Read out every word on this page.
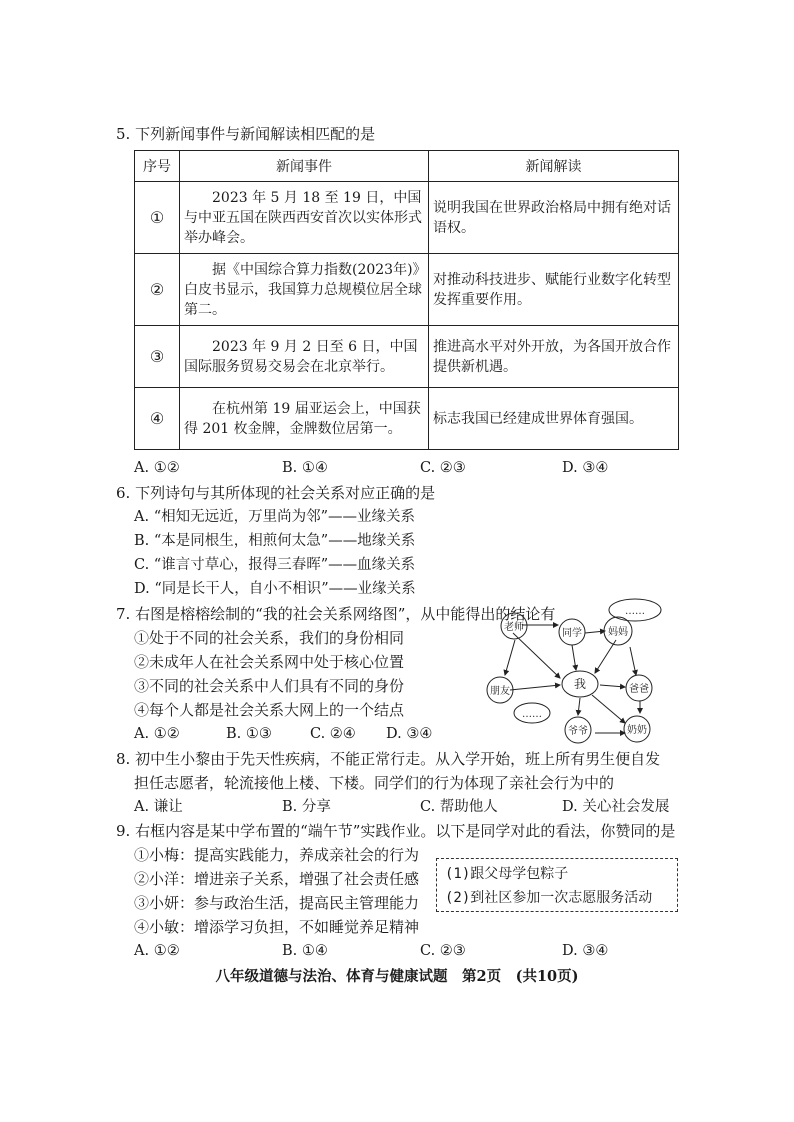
5. 下列新闻事件与新闻解读相匹配的是
序号	新闻事件	新闻解读
①	2023 年 5 月 18 至 19 日，中国与中亚五国在陕西西安首次以实体形式举办峰会。	说明我国在世界政治格局中拥有绝对话语权。
②	据《中国综合算力指数(2023年)》白皮书显示，我国算力总规模位居全球第二。	对推动科技进步、赋能行业数字化转型发挥重要作用。
③	2023 年 9 月 2 日至 6 日，中国国际服务贸易交易会在北京举行。	推进高水平对外开放，为各国开放合作提供新机遇。
④	在杭州第 19 届亚运会上，中国获得 201 枚金牌，金牌数位居第一。	标志我国已经建成世界体育强国。
A. ①②	B. ①④	C. ②③	D. ③④
6. 下列诗句与其所体现的社会关系对应正确的是
A. “相知无远近，万里尚为邻”——业缘关系
B. “本是同根生，相煎何太急”——地缘关系
C. “谁言寸草心，报得三春晖”——血缘关系
D. “同是长干人，自小不相识”——业缘关系
7. 右图是榕榕绘制的“我的社会关系网络图”，从中能得出的结论有
①处于不同的社会关系，我们的身份相同
②未成年人在社会关系网中处于核心位置
③不同的社会关系中人们具有不同的身份
④每个人都是社会关系大网上的一个结点
A. ①②	B. ①③	C. ②④ D. ③④
……
老师
同学	妈妈
我
朋友	爸爸
……
爷爷	奶奶
8. 初中生小黎由于先天性疾病，不能正常行走。从入学开始，班上所有男生便自发
担任志愿者，轮流接他上楼、下楼。同学们的行为体现了亲社会行为中的
A. 谦让	B. 分享	C. 帮助他人	D. 关心社会发展
9. 右框内容是某中学布置的“端午节”实践作业。以下是同学对此的看法，你赞同的是
①小梅：提高实践能力，养成亲社会的行为
②小洋：增进亲子关系，增强了社会责任感
③小妍：参与政治生活，提高民主管理能力
④小敏：增添学习负担，不如睡觉养足精神
(1)跟父母学包粽子
(2)到社区参加一次志愿服务活动
A. ①②	B. ①④	C. ②③	D. ③④
八年级道德与法治、体育与健康试题　第2页　(共10页)
